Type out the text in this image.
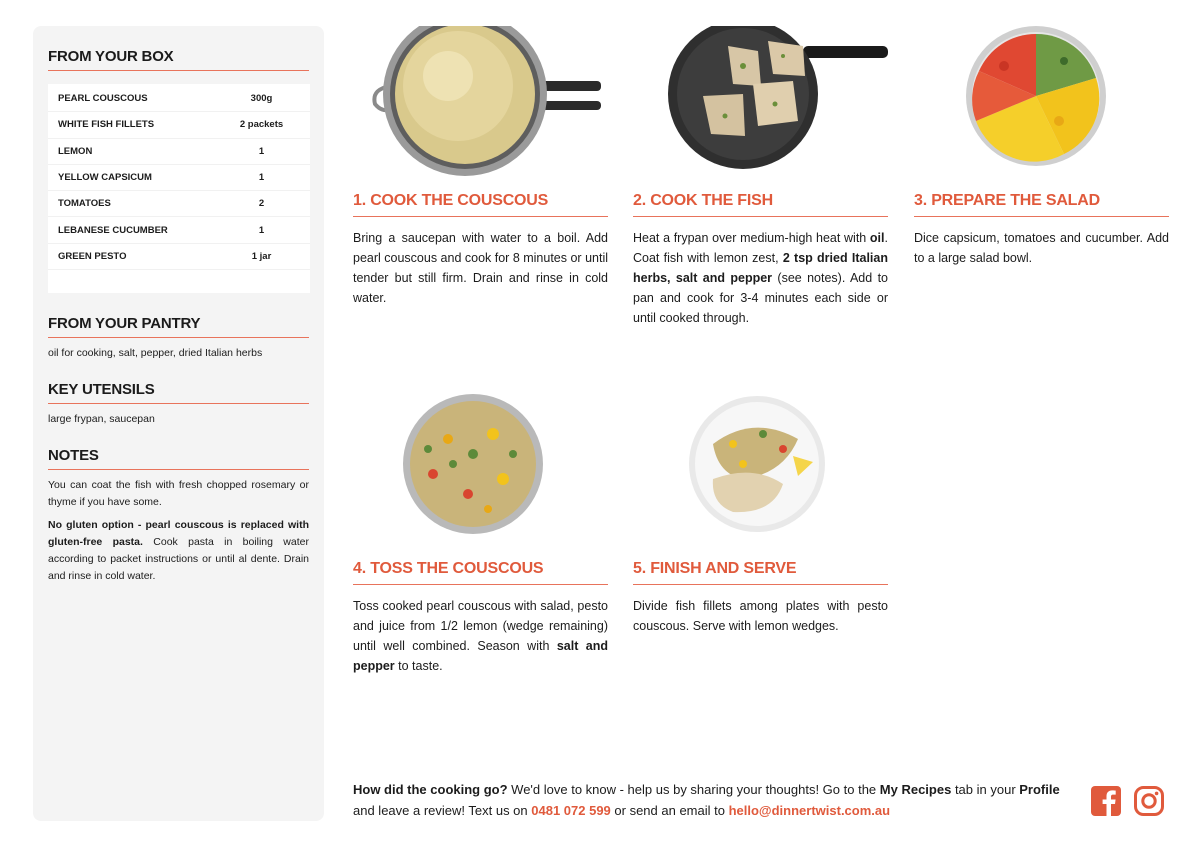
FROM YOUR BOX
PEARL COUSCOUS	300g
WHITE FISH FILLETS	2 packets
LEMON	1
YELLOW CAPSICUM	1
TOMATOES	2
LEBANESE CUCUMBER	1
GREEN PESTO	1 jar
FROM YOUR PANTRY
oil for cooking, salt, pepper, dried Italian herbs
KEY UTENSILS
large frypan, saucepan
NOTES

You can coat the fish with fresh chopped rosemary or thyme if you have some.

No gluten option - pearl couscous is replaced with gluten-free pasta. Cook pasta in boiling water according to packet instructions or until al dente. Drain and rinse in cold water.

1. COOK THE COUSCOUS
Bring a saucepan with water to a boil. Add pearl couscous and cook for 8 minutes or until tender but still firm. Drain and rinse in cold water.
2. COOK THE FISH
Heat a frypan over medium-high heat with oil. Coat fish with lemon zest, 2 tsp dried Italian herbs, salt and pepper (see notes). Add to pan and cook for 3-4 minutes each side or until cooked through.
3. PREPARE THE SALAD
Dice capsicum, tomatoes and cucumber. Add to a large salad bowl.
4. TOSS THE COUSCOUS
Toss cooked pearl couscous with salad, pesto and juice from 1/2 lemon (wedge remaining) until well combined. Season with salt and pepper to taste.
5. FINISH AND SERVE
Divide fish fillets among plates with pesto couscous. Serve with lemon wedges.
How did the cooking go? We'd love to know - help us by sharing your thoughts! Go to the My Recipes tab in your Profile and leave a review! Text us on 0481 072 599 or send an email to hello@dinnertwist.com.au
